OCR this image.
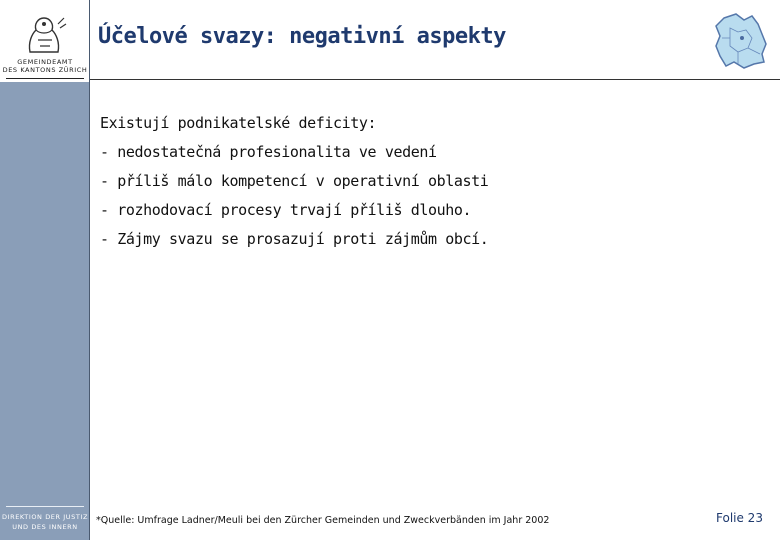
GEMEINDEAMT
DES KANTONS ZÜRICH
DIREKTION DER JUSTIZ
UND DES INNERN
Účelové svazy: negativní aspekty
Existují podnikatelské deficity:
- nedostatečná profesionalita ve vedení
- příliš málo kompetencí v operativní oblasti
- rozhodovací procesy trvají příliš dlouho.
- Zájmy svazu se prosazují proti zájmům obcí.
*Quelle: Umfrage Ladner/Meuli bei den Zürcher Gemeinden und Zweckverbänden im Jahr 2002	Folie 23
